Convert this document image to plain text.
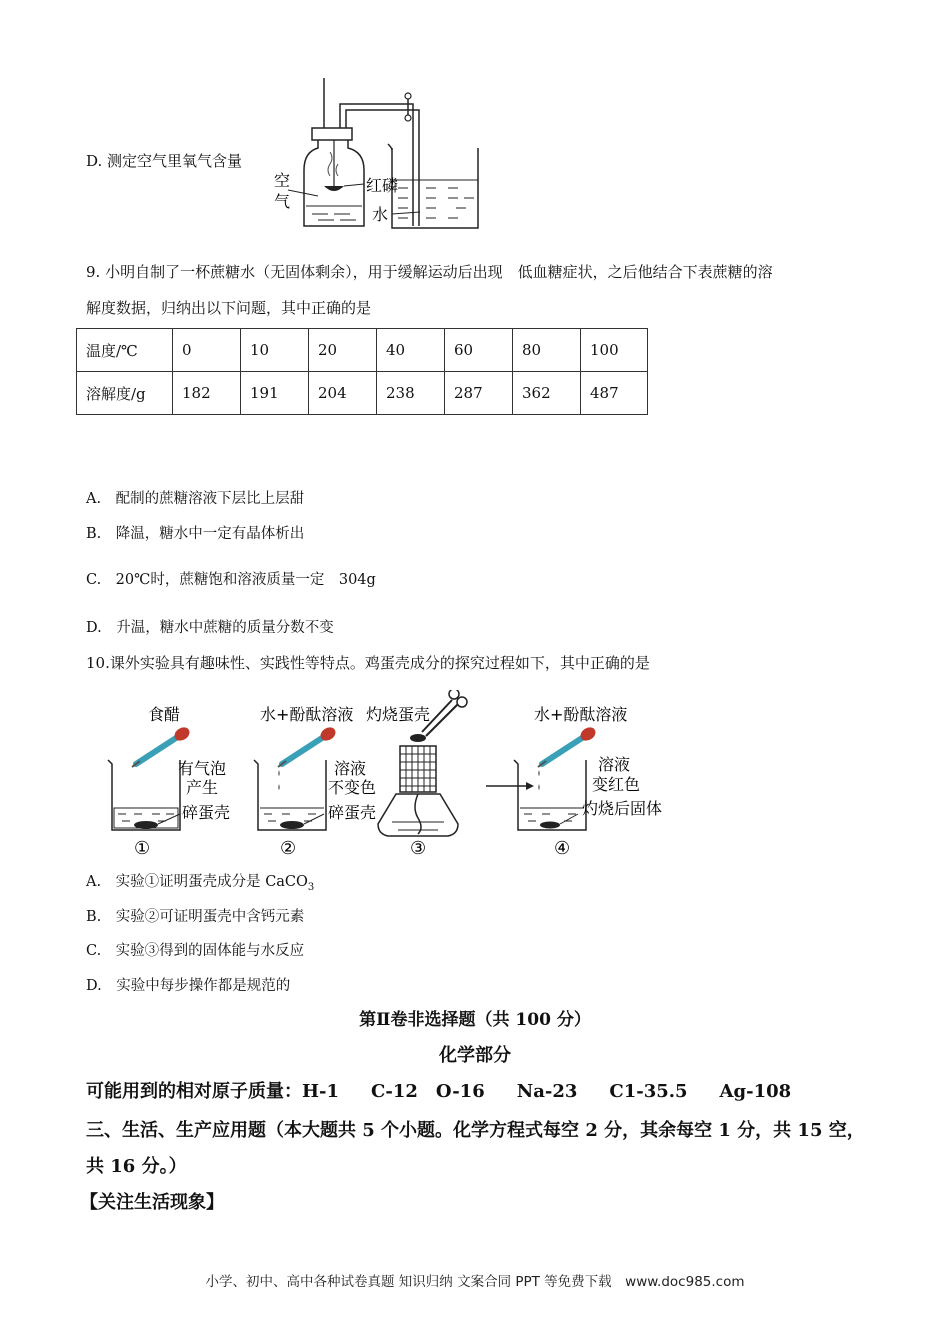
D. 测定空气里氧气含量
空
气
红磷
水
9. 小明自制了一杯蔗糖水（无固体剩余），用于缓解运动后出现　低血糖症状，之后他结合下表蔗糖的溶
解度数据，归纳出以下问题，其中正确的是
温度/℃	0	10	20	40	60	80	100
溶解度/g	182	191	204	238	287	362	487
A.　配制的蔗糖溶液下层比上层甜
B.　降温，糖水中一定有晶体析出
C.　20℃时，蔗糖饱和溶液质量一定　304g
D.　升温，糖水中蔗糖的质量分数不变
10.课外实验具有趣味性、实践性等特点。鸡蛋壳成分的探究过程如下，其中正确的是
食醋	水+酚酞溶液 灼烧蛋壳	水+酚酞溶液
有气泡
产生
碎蛋壳
溶液
不变色
碎蛋壳
溶液
变红色
灼烧后固体
①	②	③	④
A.　实验①证明蛋壳成分是 CaCO$_3$
B.　实验②可证明蛋壳中含钙元素
C.　实验③得到的固体能与水反应
D.　实验中每步操作都是规范的
第Ⅱ卷非选择题（共 100 分）
化学部分
可能用到的相对原子质量：H-1 C-12 O-16 Na-23 C1-35.5 Ag-108
三、生活、生产应用题（本大题共 5 个小题。化学方程式每空 2 分，其余每空 1 分，共 15 空，
共 16 分。）
【关注生活现象】
小学、初中、高中各种试卷真题 知识归纳 文案合同 PPT 等免费下载　www.doc985.com
